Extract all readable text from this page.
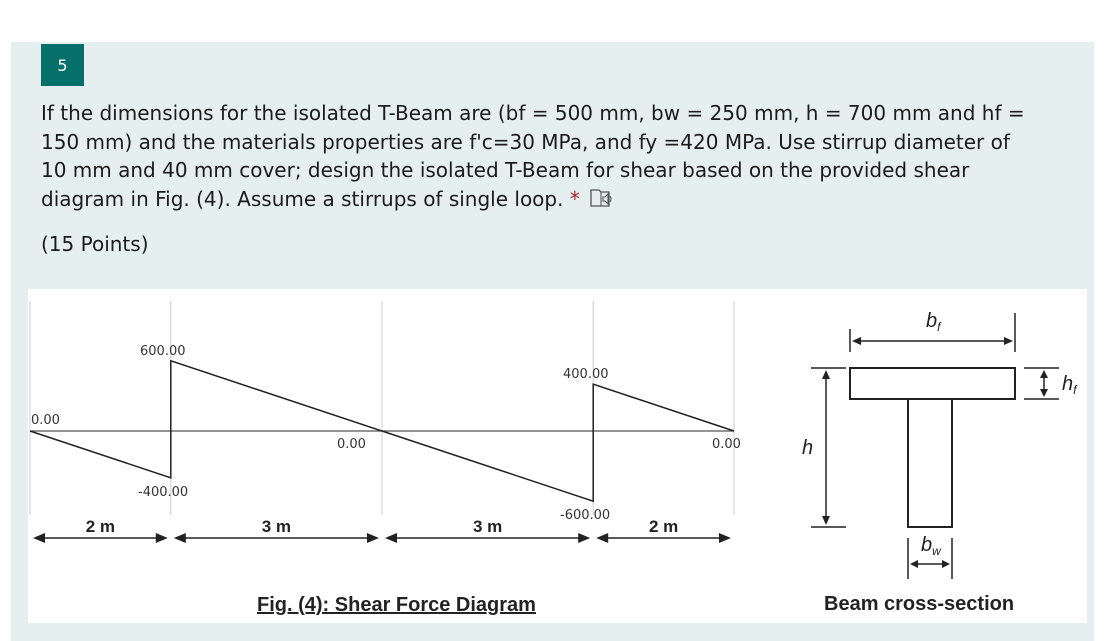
5
If the dimensions for the isolated T-Beam are (bf = 500 mm, bw = 250 mm, h = 700 mm and hf = 150 mm) and the materials properties are f'c=30 MPa, and fy =420 MPa. Use stirrup diameter of 10 mm and 40 mm cover; design the isolated T-Beam for shear based on the provided shear diagram in Fig. (4). Assume a stirrups of single loop. *
(15 Points)
0.00
600.00
-400.00
0.00
400.00
-600.00
0.00
2 m	3 m	3 m	2 m
$b_f$
h
$h_f$
$b_w$
Fig. (4): Shear Force Diagram	Beam cross-section
